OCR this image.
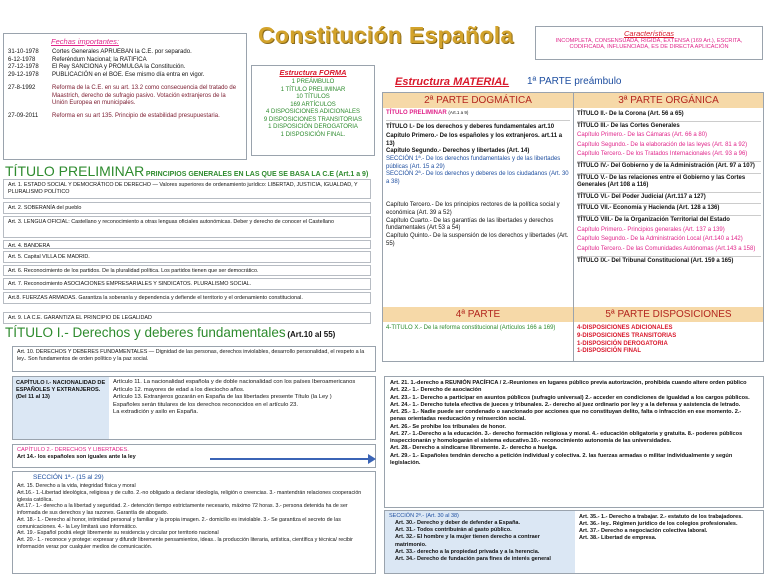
Fechas importantes:
31-10-1978	Cortes Generales APRUEBAN la C.E. por separado.
6-12-1978	Referéndum Nacional; la RATIFICA
27-12-1978	El Rey SANCIONA y PROMULGA la Constitución.
29-12-1978	PUBLICACIÓN en el BOE. Ese mismo día entra en vigor.
27-8-1992	Reforma de la C.E. en su art. 13.2 como consecuencia del tratado de Maastrich, derecho de sufragio pasivo. Votación extranjeros de la Unión Europea en municipales.
27-09-2011	Reforma en su art 135. Principio de estabilidad presupuestaria.
Constitución Española
Estructura FORMA
1 PREÁMBULO
1 TÍTULO PRELIMINAR
10 TÍTULOS
169 ARTÍCULOS
4 DISPOSICIONES ADICIONALES
9 DISPOSICIONES TRANSITORIAS
1 DISPOSICIÓN DEROGATORIA
1 DISPOSICIÓN FINAL.
Características
INCOMPLETA, CONSENSUADA, RÍGIDA, EXTENSA (169 Art.), ESCRITA,
CODIFICADA, INFLUENCIADA, ES DE DIRECTA APLICACIÓN
Estructura MATERIAL 1ª PARTE preámbulo
2ª PARTE DOGMÁTICA	3ª PARTE ORGÁNICA
TÍTULO PRELIMINAR (Art.1 a 9)
TÍTULO I.- De los derechos y deberes fundamentales art.10
Capítulo Primero.- De los españoles y los extranjeros. art.11 a 13)
Capítulo Segundo.- Derechos y libertades (Art. 14)
SECCIÓN 1ª.- De los derechos fundamentales y de las libertades públicas (Art. 15 a 29)
SECCIÓN 2ª.- De los derechos y deberes de los ciudadanos (Art. 30 a 38)
Capítulo Tercero.- De los principios rectores de la política social y económica (Art. 39 a 52)
Capítulo Cuarto.- De las garantías de las libertades y derechos fundamentales (Art 53 a 54)
Capítulo Quinto.- De la suspensión de los derechos y libertades (Art. 55)
TÍTULO II.- De la Corona (Art. 56 a 65)
TÍTULO III.- De las Cortes Generales
Capítulo Primero.- De las Cámaras (Art. 66 a 80)
Capítulo Segundo.- De la elaboración de las leyes (Art. 81 a 92)
Capítulo Tercero.- De los Tratados Internacionales (Art. 93 a 96)
TÍTULO IV.- Del Gobierno y de la Administración (Art. 97 a 107)
TÍTULO V.- De las relaciones entre el Gobierno y las Cortes Generales (Art 108 a 116)
TÍTULO VI.- Del Poder Judicial (Art.117 a 127)
TÍTULO VII.- Economía y Hacienda (Art. 128 a 136)
TÍTULO VIII.- De la Organización Territorial del Estado
Capítulo Primero.- Principios generales (Art. 137 a 139)
Capítulo Segundo.- De la Administración Local (Art.140 a 142)
Capítulo Tercero.- De las Comunidades Autónomas (Art.143 a 158)
TÍTULO IX.- Del Tribunal Constitucional (Art. 159 a 165)
4ª PARTE	5ª PARTE DISPOSICIONES
4-TITULO X.- De la reforma constitucional (Artículos 166 a 169)	4-DISPOSICIONES ADICIONALES
9-DISPOSICIONES TRANSITORIAS
1-DISPOSICIÓN DEROGATORIA
1-DISPOSICIÓN FINAL
TÍTULO PRELIMINAR PRINCIPIOS GENERALES EN LAS QUE SE BASA LA C.E (Art.1 a 9)
Art. 1. ESTADO SOCIAL Y DEMOCRÁTICO DE DERECHO — Valores superiores de ordenamiento jurídico: LIBERTAD, JUSTICIA, IGUALDAD, Y PLURALISMO POLÍTICO
Art. 2. SOBERANÍA del pueblo
Art. 3. LENGUA OFICIAL: Castellano y reconocimiento a otras lenguas oficiales autonómicas. Deber y derecho de conocer el Castellano
Art. 4. BANDERA
Art. 5. Capital VILLA DE MADRID.
Art. 6. Reconocimiento de los partidos. De la pluralidad política. Los partidos tienen que ser democrático.
Art. 7. Reconocimiento ASOCIACIONES EMPRESARIALES Y SINDICATOS. PLURALISMO SOCIAL.
Art.8. FUERZAS ARMADAS. Garantiza la soberanía y dependencia y defiende el territorio y el ordenamiento constitucional.
Art. 9. LA C.E. GARANTIZA EL PRINCIPIO DE LEGALIDAD
TÍTULO I.- Derechos y deberes fundamentales (Art.10 al 55)
Art. 10. DERECHOS Y DEBERES FUNDAMENTALES — Dignidad de las personas, derechos inviolables, desarrollo personalidad, el respeto a la ley.. Son fundamentos de orden político y la paz social.
CAPÍTULO I.- NACIONALIDAD DE ESPAÑOLES Y EXTRANJEROS. (Del 11 al 13)
Artículo 11. La nacionalidad española y de doble nacionalidad con los países Iberoamericanos
Artículo 12. mayores de edad a los dieciocho años.
Artículo 13. Extranjeros gozarán en España de las libertades presente Título (la Ley )
Españoles serán titulares de los derechos reconocidos en el artículo 23.
La extradición y asilo en España.
CAPÍTULO 2.- DERECHOS Y LIBERTADES.
Art 14.- los españoles son iguales ante la ley
SECCIÓN 1ª.- (15 al 29)
Art. 15. Derecho a la vida, integridad física y moral
Art.16.- 1.-Libertad ideológica, religiosa y de culto. 2.-no obligado a declarar ideología, religión o creencias. 3.- mantendrán relaciones cooperación iglesia católica.
Art.17.- 1.- derecho a la libertad y seguridad. 2.- detención tiempo estrictamente necesario, máximo 72 horas. 3.- persona detenida ha de ser informada de sus derechos y las razones. Garantía de abogado.
Art. 18.- 1.- Derecho al honor, intimidad personal y familiar y la propia imagen. 2.- domicilio es inviolable. 3.- Se garantiza el secreto de las comunicaciones. 4.- la Ley limitará uso informático.
Art. 19.- Español podrá elegir libremente su residencia y circular por territorio nacional
Art. 20.- 1.- reconoce y protege: expresar y difundir libremente pensamientos, ideas.. la producción literaria, artística, científica y técnica/ recibir información veraz por cualquier medios de comunicación.
Art. 21. 1.-derecho a REUNIÓN PACÍFICA / 2.-Reuniones en lugares público previa autorización, prohibida cuando altere orden público
Art. 22.- 1.- Derecho de asociación
Art. 23.- 1.- Derecho a participar en asuntos públicos (sufragio universal) 2.- acceder en condiciones de igualdad a los cargos públicos.
Art. 24.- 1.- Derecho tutela efectiva de jueces y tribunales. 2.- derecho al juez ordinario por ley y a la defensa y asistencia de letrado.
Art. 25.- 1.- Nadie puede ser condenado o sancionado por acciones que no constituyan delito, falta o infracción en ese momento. 2.- penas orientadas reeducación y reinserción social.
Art. 26.- Se prohíbe los tribunales de honor.
Art. 27.- 1.-Derecho a la educación. 3.- derecho formación religiosa y moral. 4.- educación obligatoria y gratuita. 8.- poderes públicos inspeccionarán y homologarán el sistema educativo.10.- reconocimiento autonomía de las universidades.
Art. 28.- Derecho a sindicarse libremente. 2.- derecho a huelga.
Art. 29.- 1.- Españoles tendrán derecho a petición individual y colectiva. 2. las fuerzas armadas o militar individualmente y según legislación.
SECCIÓN 2ª.- (Art. 30 al 38)
Art. 30.- Derecho y deber de defender a España.
Art. 31.- Todos contribuirán al gasto público.
Art. 32.- El hombre y la mujer tienen derecho a contraer matrimonio.
Art. 33.- derecho a la propiedad privada y a la herencia.
Art. 34.- Derecho de fundación para fines de interés general
Art. 35.- 1.- Derecho a trabajar. 2.- estatuto de los trabajadores.
Art. 36.- ley.. Régimen jurídico de los colegios profesionales.
Art. 37.- Derecho a negociación colectiva laboral.
Art. 38.- Libertad de empresa.
